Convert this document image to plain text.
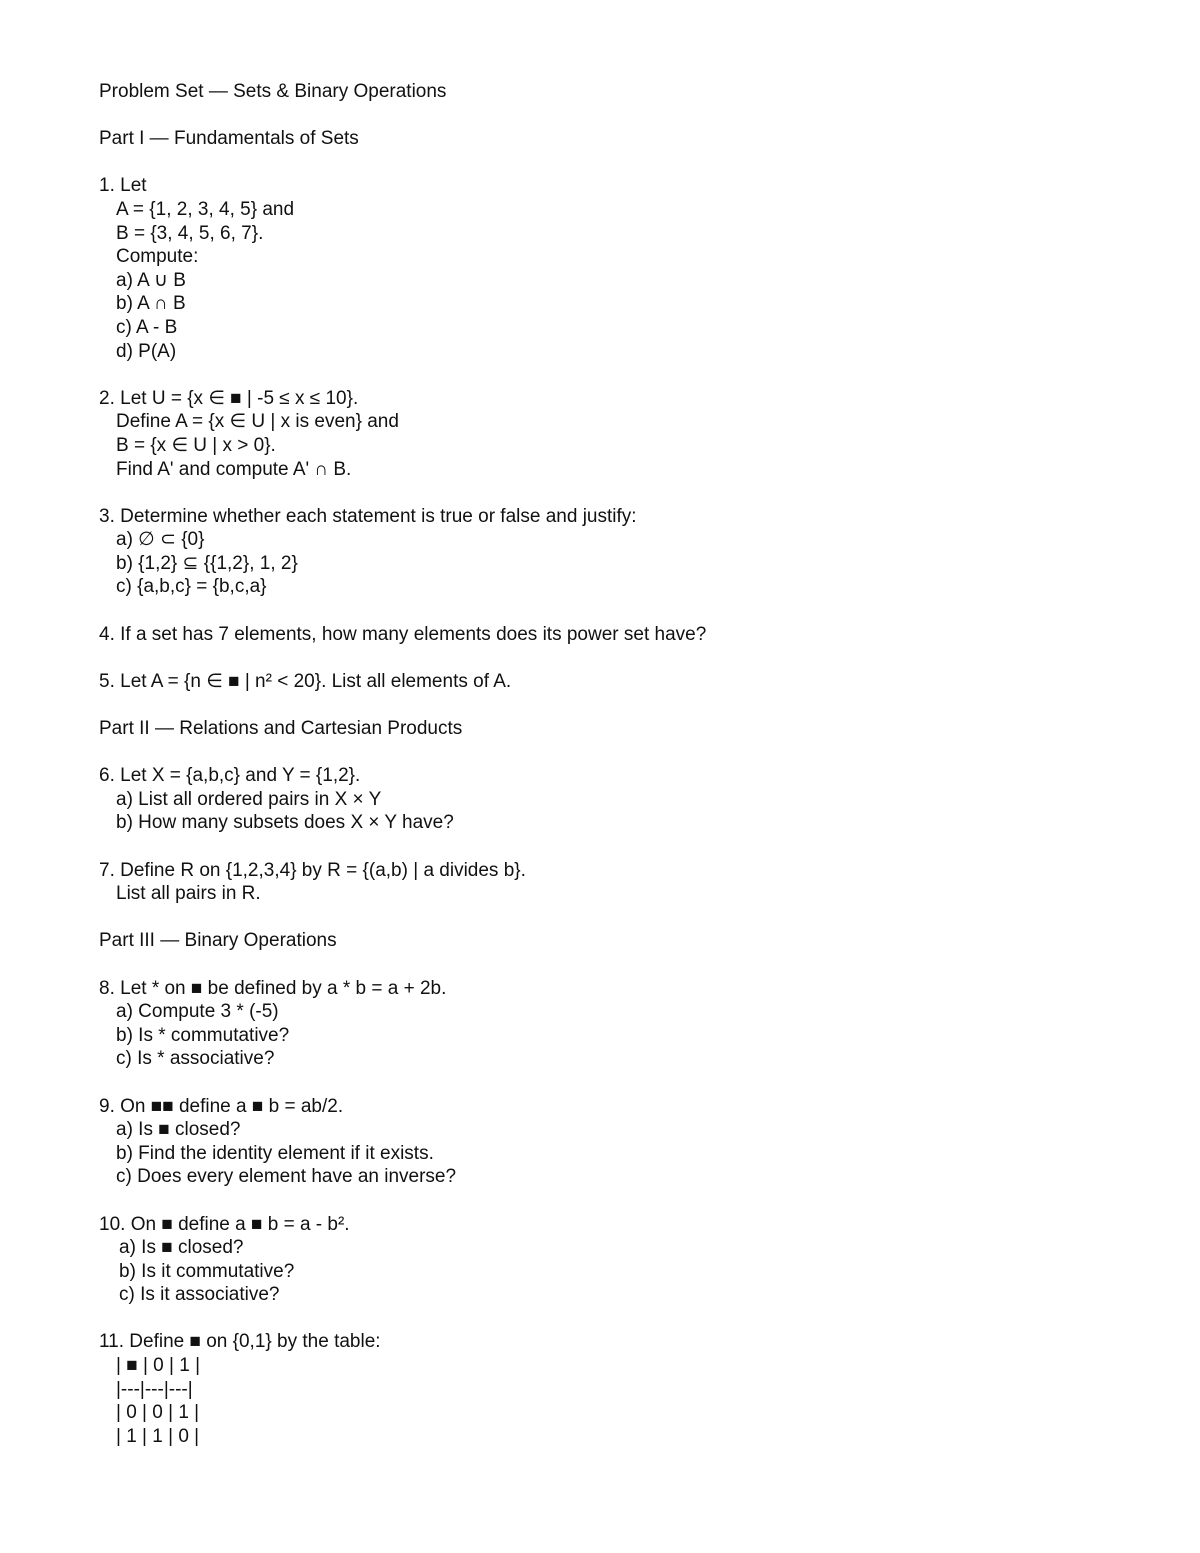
Problem Set — Sets & Binary Operations
Part I — Fundamentals of Sets
1. Let
A = {1, 2, 3, 4, 5} and
B = {3, 4, 5, 6, 7}.
Compute:
a) A ∪ B
b) A ∩ B
c) A - B
d) P(A)
2. Let U = {x ∈ ■ | -5 ≤ x ≤ 10}.
Define A = {x ∈ U | x is even} and
B = {x ∈ U | x > 0}.
Find A' and compute A' ∩ B.
3. Determine whether each statement is true or false and justify:
a) ∅ ⊂ {0}
b) {1,2} ⊆ {{1,2}, 1, 2}
c) {a,b,c} = {b,c,a}
4. If a set has 7 elements, how many elements does its power set have?
5. Let A = {n ∈ ■ | n² < 20}. List all elements of A.
Part II — Relations and Cartesian Products
6. Let X = {a,b,c} and Y = {1,2}.
a) List all ordered pairs in X × Y
b) How many subsets does X × Y have?
7. Define R on {1,2,3,4} by R = {(a,b) | a divides b}.
List all pairs in R.
Part III — Binary Operations
8. Let * on ■ be defined by a * b = a + 2b.
a) Compute 3 * (-5)
b) Is * commutative?
c) Is * associative?
9. On ■■ define a ■ b = ab/2.
a) Is ■ closed?
b) Find the identity element if it exists.
c) Does every element have an inverse?
10. On ■ define a ■ b = a - b².
a) Is ■ closed?
b) Is it commutative?
c) Is it associative?
11. Define ■ on {0,1} by the table:
| ■ | 0 | 1 |
|---|---|---|
| 0 | 0 | 1 |
| 1 | 1 | 0 |
